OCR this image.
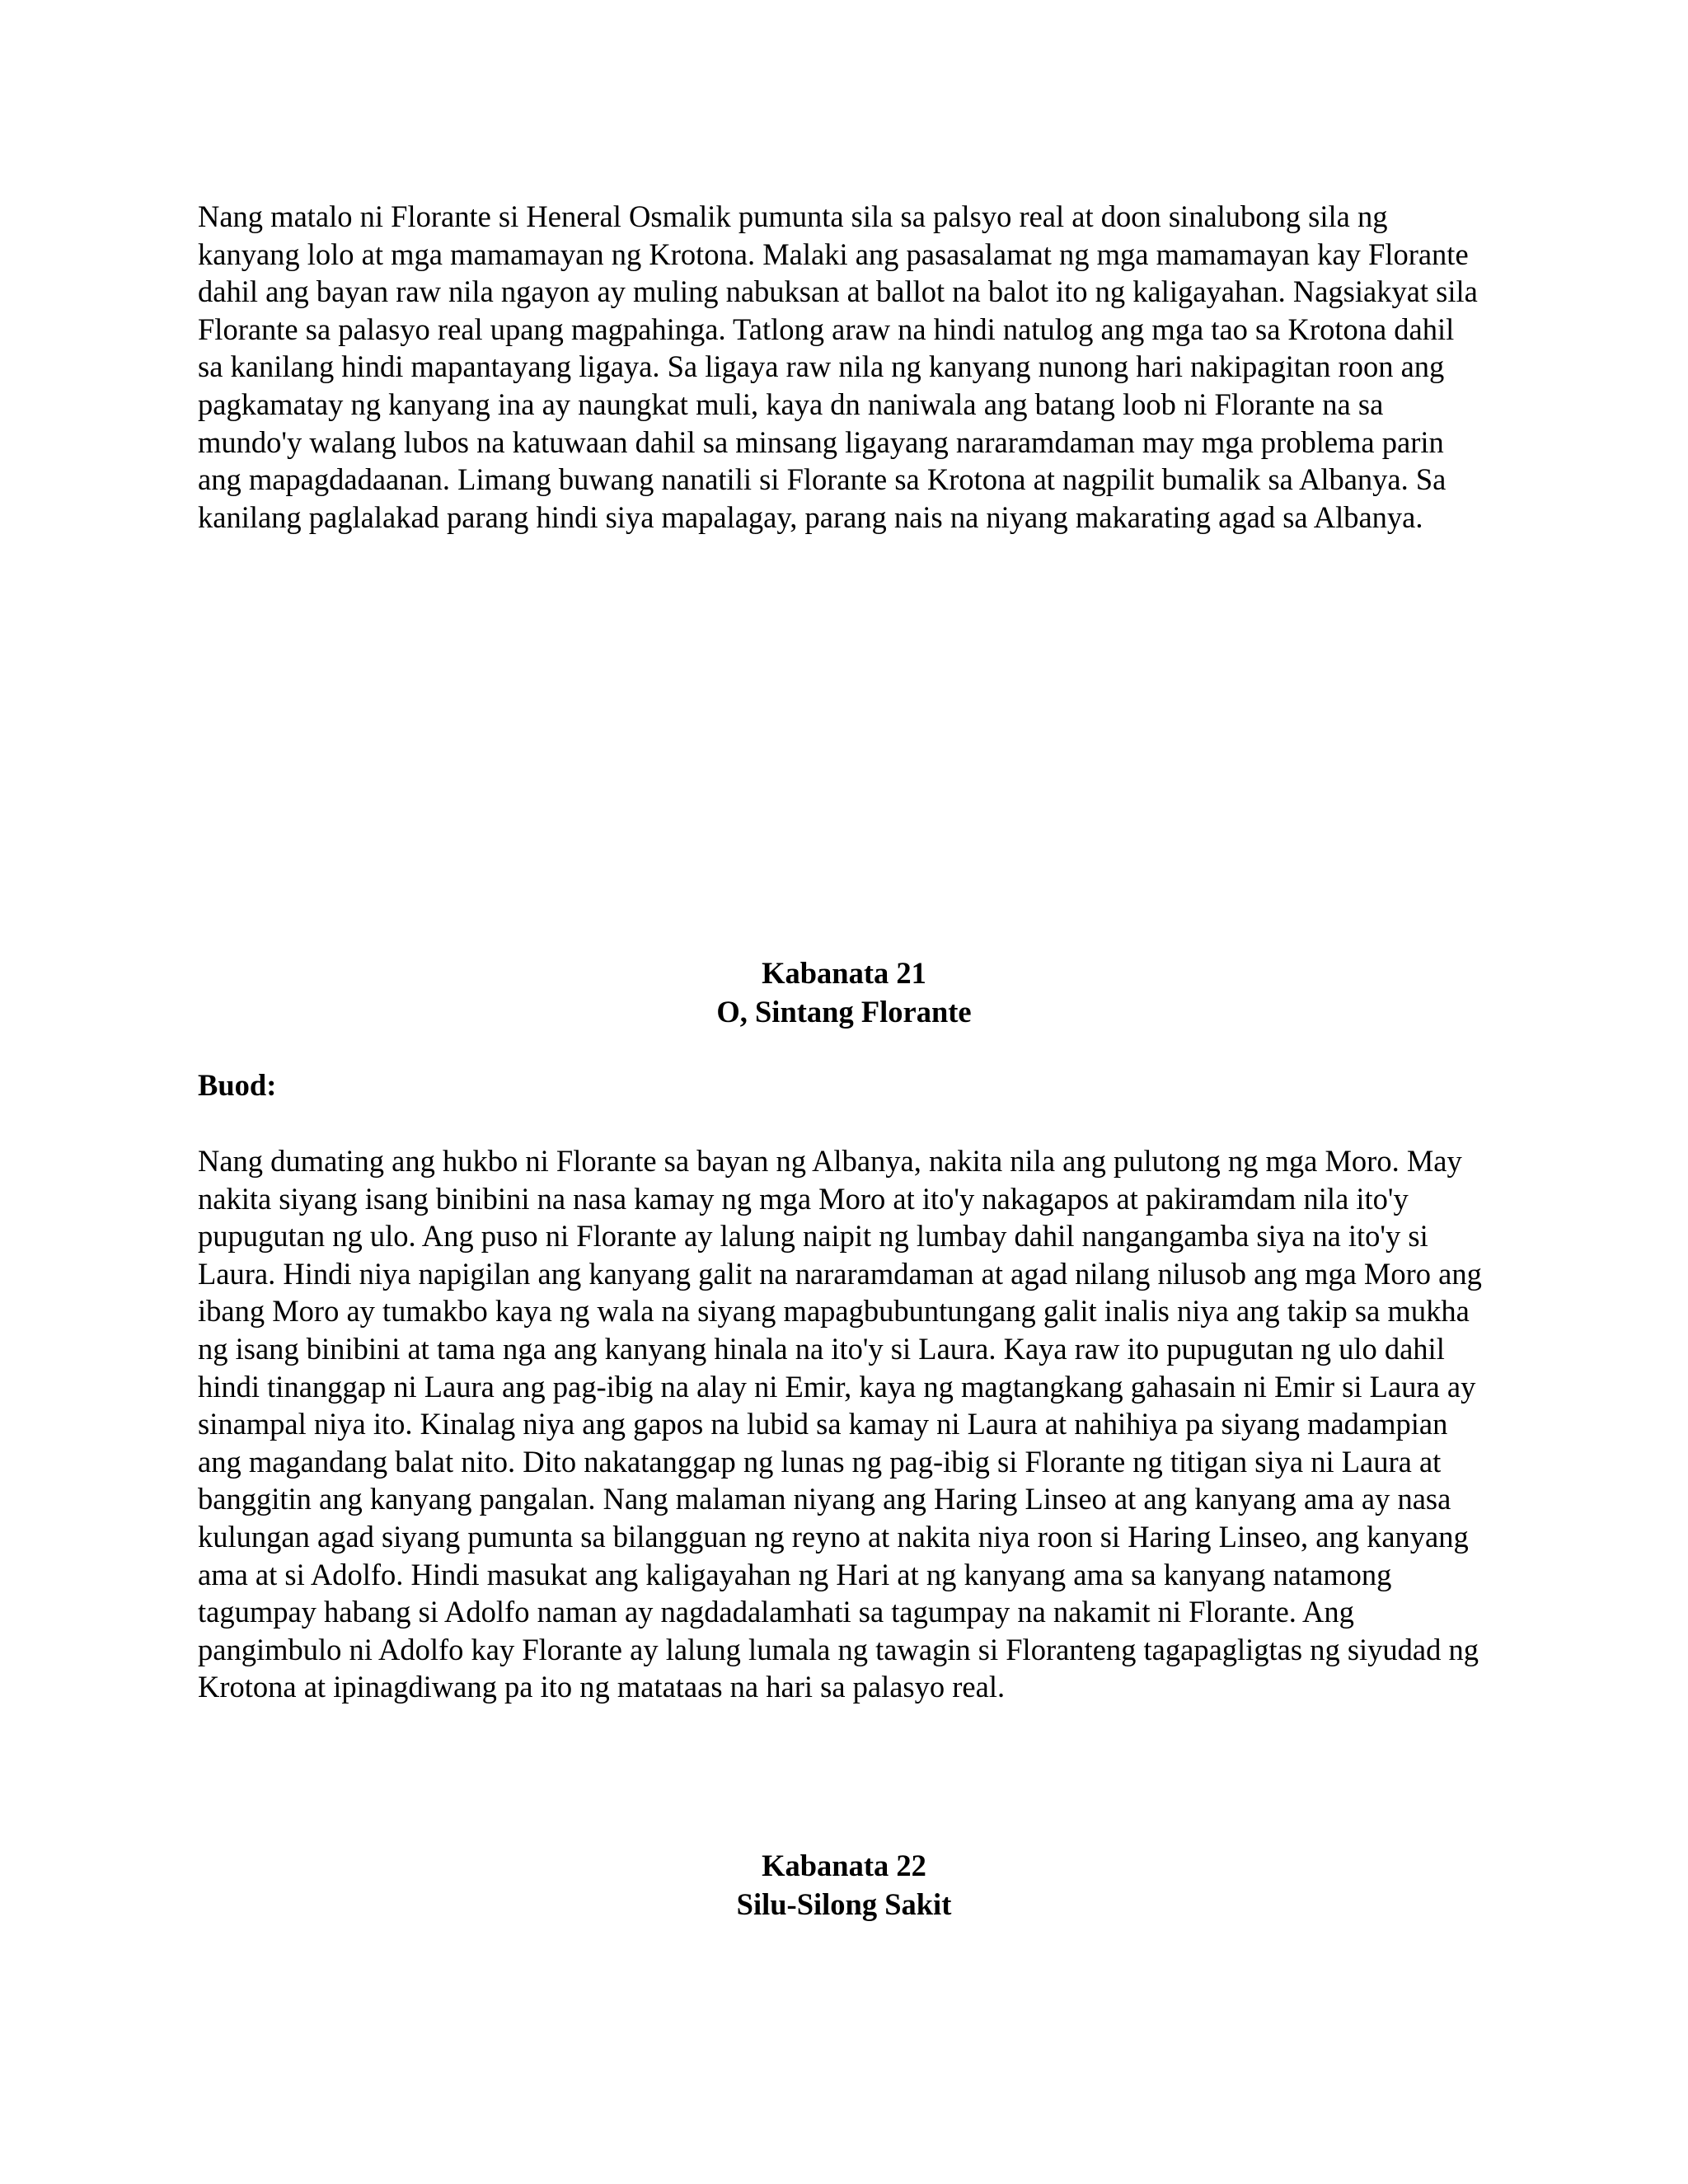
Nang matalo ni Florante si Heneral Osmalik pumunta sila sa palsyo real at doon sinalubong sila ng kanyang lolo at mga mamamayan ng Krotona. Malaki ang pasasalamat ng mga mamamayan kay Florante dahil ang bayan raw nila ngayon ay muling nabuksan at ballot na balot ito ng kaligayahan. Nagsiakyat sila Florante sa palasyo real upang magpahinga. Tatlong araw na hindi natulog ang mga tao sa Krotona dahil sa kanilang hindi mapantayang ligaya. Sa ligaya raw nila ng kanyang nunong hari nakipagitan roon ang pagkamatay ng kanyang ina ay naungkat muli, kaya dn naniwala ang batang loob ni Florante na sa mundo'y walang lubos na katuwaan dahil sa minsang ligayang nararamdaman may mga problema parin ang mapagdadaanan. Limang buwang nanatili si Florante sa Krotona at nagpilit bumalik sa Albanya. Sa kanilang paglalakad parang hindi siya mapalagay, parang nais na niyang makarating agad sa Albanya.

Kabanata 21
O, Sintang Florante
Buod:

Nang dumating ang hukbo ni Florante sa bayan ng Albanya, nakita nila ang pulutong ng mga Moro. May nakita siyang isang binibini na nasa kamay ng mga Moro at ito'y nakagapos at pakiramdam nila ito'y pupugutan ng ulo. Ang puso ni Florante ay lalung naipit ng lumbay dahil nangangamba siya na ito'y si Laura. Hindi niya napigilan ang kanyang galit na nararamdaman at agad nilang nilusob ang mga Moro ang ibang Moro ay tumakbo kaya ng wala na siyang mapagbubuntungang galit inalis niya ang takip sa mukha ng isang binibini at tama nga ang kanyang hinala na ito'y si Laura. Kaya raw ito pupugutan ng ulo dahil hindi tinanggap ni Laura ang pag-ibig na alay ni Emir, kaya ng magtangkang gahasain ni Emir si Laura ay sinampal niya ito. Kinalag niya ang gapos na lubid sa kamay ni Laura at nahihiya pa siyang madampian ang magandang balat nito. Dito nakatanggap ng lunas ng pag-ibig si Florante ng titigan siya ni Laura at banggitin ang kanyang pangalan. Nang malaman niyang ang Haring Linseo at ang kanyang ama ay nasa kulungan agad siyang pumunta sa bilangguan ng reyno at nakita niya roon si Haring Linseo, ang kanyang ama at si Adolfo. Hindi masukat ang kaligayahan ng Hari at ng kanyang ama sa kanyang natamong tagumpay habang si Adolfo naman ay nagdadalamhati sa tagumpay na nakamit ni Florante. Ang pangimbulo ni Adolfo kay Florante ay lalung lumala ng tawagin si Floranteng tagapagligtas ng siyudad ng Krotona at ipinagdiwang pa ito ng matataas na hari sa palasyo real.

Kabanata 22
Silu-Silong Sakit
